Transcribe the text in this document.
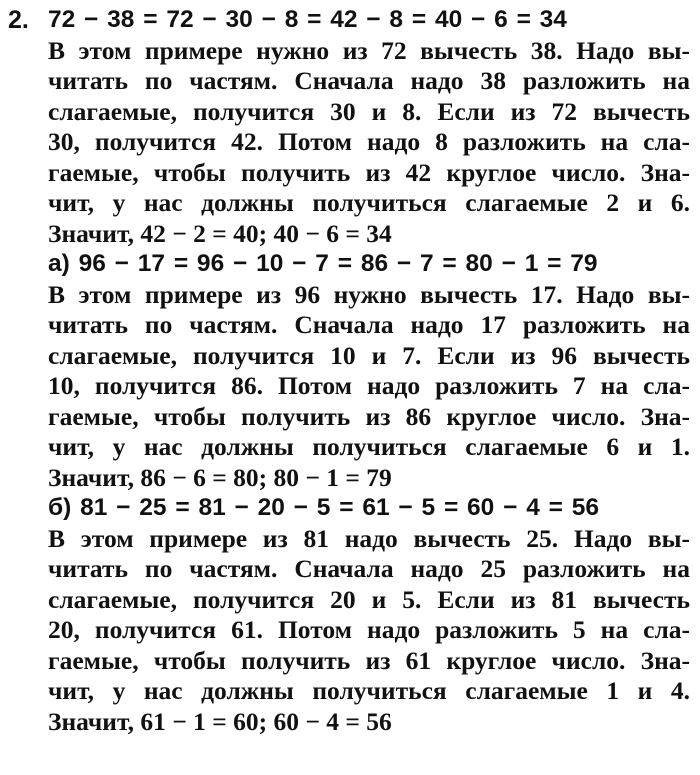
2. 72 − 38 = 72 − 30 − 8 = 42 − 8 = 40 − 6 = 34
В этом примере нужно из 72 вычесть 38. Надо вы-
читать по частям. Сначала надо 38 разложить на
слагаемые, получится 30 и 8. Если из 72 вычесть
30, получится 42. Потом надо 8 разложить на сла-
гаемые, чтобы получить из 42 круглое число. Зна-
чит, у нас должны получиться слагаемые 2 и 6.
Значит, 42 − 2 = 40; 40 − 6 = 34
а) 96 − 17 = 96 − 10 − 7 = 86 − 7 = 80 − 1 = 79
В этом примере из 96 нужно вычесть 17. Надо вы-
читать по частям. Сначала надо 17 разложить на
слагаемые, получится 10 и 7. Если из 96 вычесть
10, получится 86. Потом надо разложить 7 на сла-
гаемые, чтобы получить из 86 круглое число. Зна-
чит, у нас должны получиться слагаемые 6 и 1.
Значит, 86 − 6 = 80; 80 − 1 = 79
б) 81 − 25 = 81 − 20 − 5 = 61 − 5 = 60 − 4 = 56
В этом примере из 81 надо вычесть 25. Надо вы-
читать по частям. Сначала надо 25 разложить на
слагаемые, получится 20 и 5. Если из 81 вычесть
20, получится 61. Потом надо разложить 5 на сла-
гаемые, чтобы получить из 61 круглое число. Зна-
чит, у нас должны получиться слагаемые 1 и 4.
Значит, 61 − 1 = 60; 60 − 4 = 56
